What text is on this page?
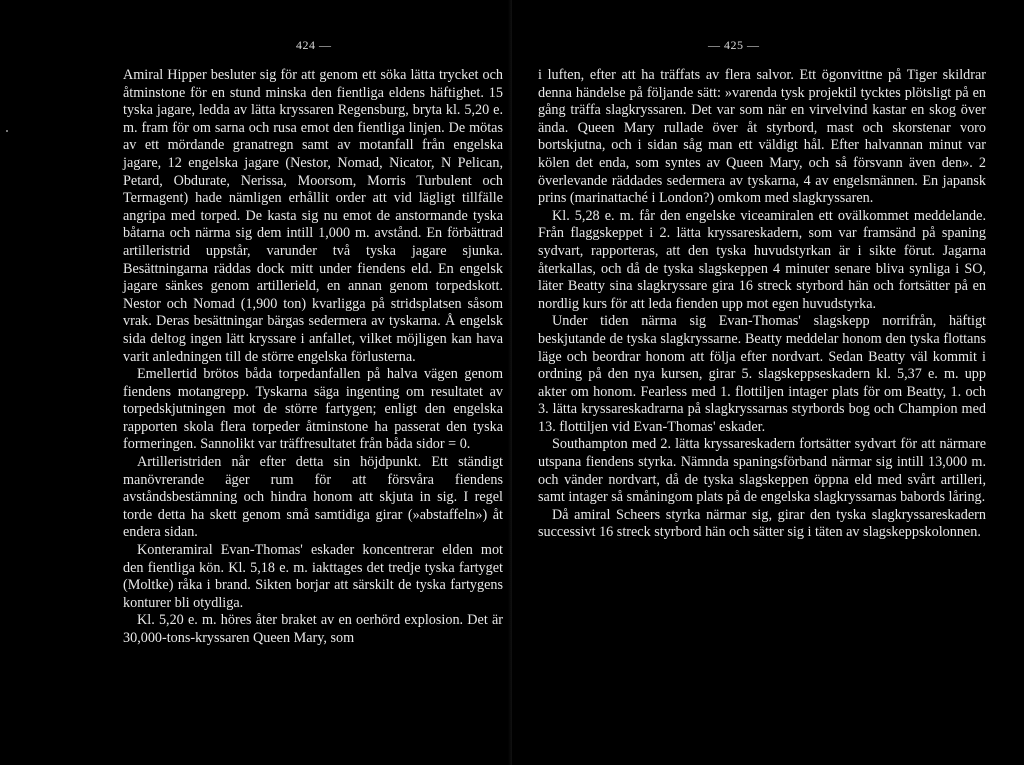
424 —

Amiral Hipper besluter sig för att genom ett söka lätta trycket och åtminstone för en stund minska den fientliga eldens häftighet. 15 tyska jagare, ledda av lätta kryssaren Regensburg, bryta kl. 5,20 e. m. fram för om sarna och rusa emot den fientliga linjen. De mötas av ett mördande granatregn samt av motanfall från engelska jagare, 12 engelska jagare (Nestor, Nomad, Nicator, N Pelican, Petard, Obdurate, Nerissa, Moorsom, Morris Turbulent och Termagent) hade nämligen erhållit order att vid lägligt tillfälle angripa med torped. De kasta sig nu emot de anstormande tyska båtarna och närma sig dem intill 1,000 m. avstånd. En förbättrad artilleristrid uppstår, varunder två tyska jagare sjunka. Besättningarna räddas dock mitt under fiendens eld. En engelsk jagare sänkes genom artillerield, en annan genom torpedskott. Nestor och Nomad (1,900 ton) kvarligga på stridsplatsen såsom vrak. Deras besättningar bärgas sedermera av tyskarna. Å engelsk sida deltog ingen lätt kryssare i anfallet, vilket möjligen kan hava varit anledningen till de större engelska förlusterna.

Emellertid brötos båda torpedanfallen på halva vägen genom fiendens motangrepp. Tyskarna säga ingenting om resultatet av torpedskjutningen mot de större fartygen; enligt den engelska rapporten skola flera torpeder åtminstone ha passerat den tyska formeringen. Sannolikt var träffresultatet från båda sidor = 0.

Artilleristriden når efter detta sin höjdpunkt. Ett ständigt manövrerande äger rum för att försvåra fiendens avståndsbestämning och hindra honom att skjuta in sig. I regel torde detta ha skett genom små samtidiga girar (»abstaffeln») åt endera sidan.

Konteramiral Evan-Thomas' eskader koncentrerar elden mot den fientliga kön. Kl. 5,18 e. m. iakttages det tredje tyska fartyget (Moltke) råka i brand. Sikten borjar att särskilt de tyska fartygens konturer bli otydliga.

Kl. 5,20 e. m. höres åter braket av en oerhörd explosion. Det är 30,000-tons-kryssaren Queen Mary, som

— 425 —

i luften, efter att ha träffats av flera salvor. Ett ögonvittne på Tiger skildrar denna händelse på följande sätt: »varenda tysk projektil tycktes plötsligt på en gång träffa slagkryssaren. Det var som när en virvelvind kastar en skog över ända. Queen Mary rullade över åt styrbord, mast och skorstenar voro bortskjutna, och i sidan såg man ett väldigt hål. Efter halvannan minut var kölen det enda, som syntes av Queen Mary, och så försvann även den». 2 överlevande räddades sedermera av tyskarna, 4 av engelsmännen. En japansk prins (marinattaché i London?) omkom med slagkryssaren.

Kl. 5,28 e. m. får den engelske viceamiralen ett ovälkommet meddelande. Från flaggskeppet i 2. lätta kryssareskadern, som var framsänd på spaning sydvart, rapporteras, att den tyska huvudstyrkan är i sikte förut. Jagarna återkallas, och då de tyska slagskeppen 4 minuter senare bliva synliga i SO, läter Beatty sina slagkryssare gira 16 streck styrbord hän och fortsätter på en nordlig kurs för att leda fienden upp mot egen huvudstyrka.

Under tiden närma sig Evan-Thomas' slagskepp norrifrån, häftigt beskjutande de tyska slagkryssarne. Beatty meddelar honom den tyska flottans läge och beordrar honom att följa efter nordvart. Sedan Beatty väl kommit i ordning på den nya kursen, girar 5. slagskeppseskadern kl. 5,37 e. m. upp akter om honom. Fearless med 1. flottiljen intager plats för om Beatty, 1. och 3. lätta kryssareskadrarna på slagkryssarnas styrbords bog och Champion med 13. flottiljen vid Evan-Thomas' eskader.

Southampton med 2. lätta kryssareskadern fortsätter sydvart för att närmare utspana fiendens styrka. Nämnda spaningsförband närmar sig intill 13,000 m. och vänder nordvart, då de tyska slagskeppen öppna eld med svårt artilleri, samt intager så småningom plats på de engelska slagkryssarnas babords låring.

Då amiral Scheers styrka närmar sig, girar den tyska slagkryssareskadern successivt 16 streck styrbord hän och sätter sig i täten av slagskeppskolonnen.
